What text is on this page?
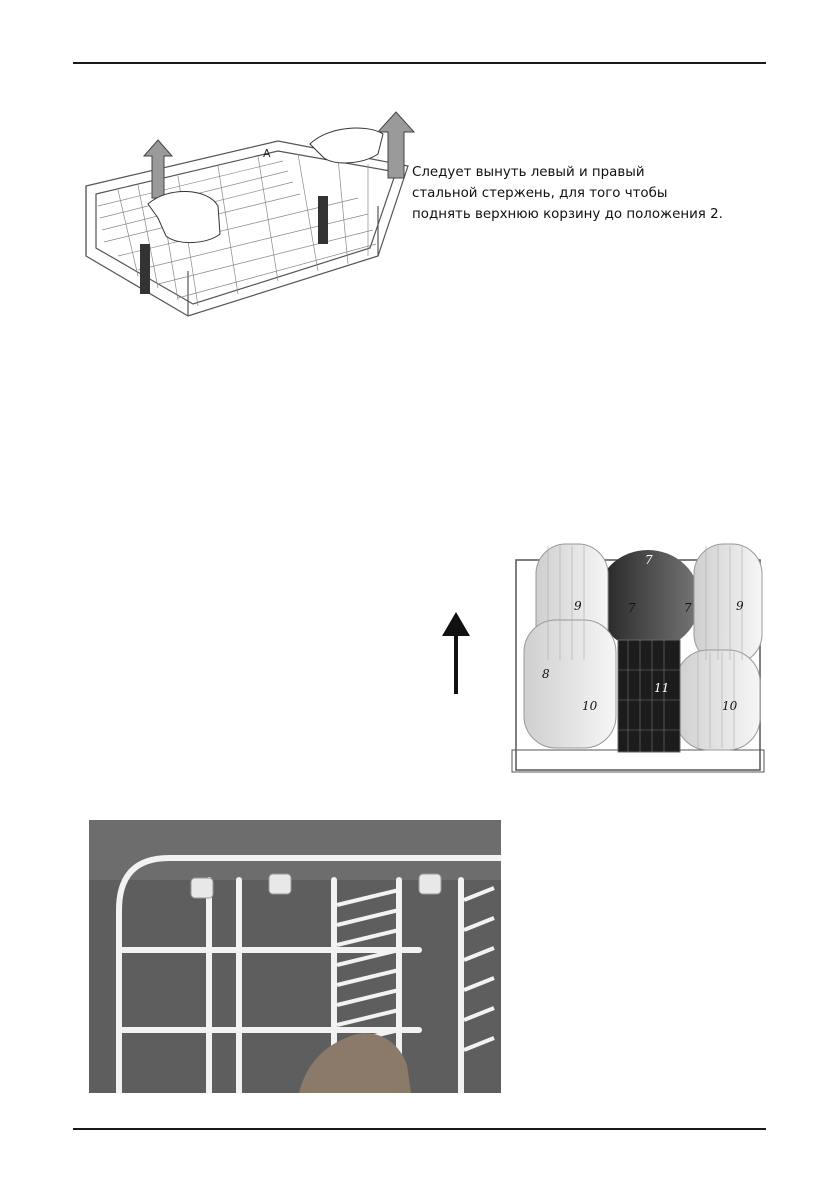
A
Следует вынуть левый и правый
стальной стержень, для того чтобы
поднять верхнюю корзину до положения 2.
7
7	7
9	9
8
10	10
11
